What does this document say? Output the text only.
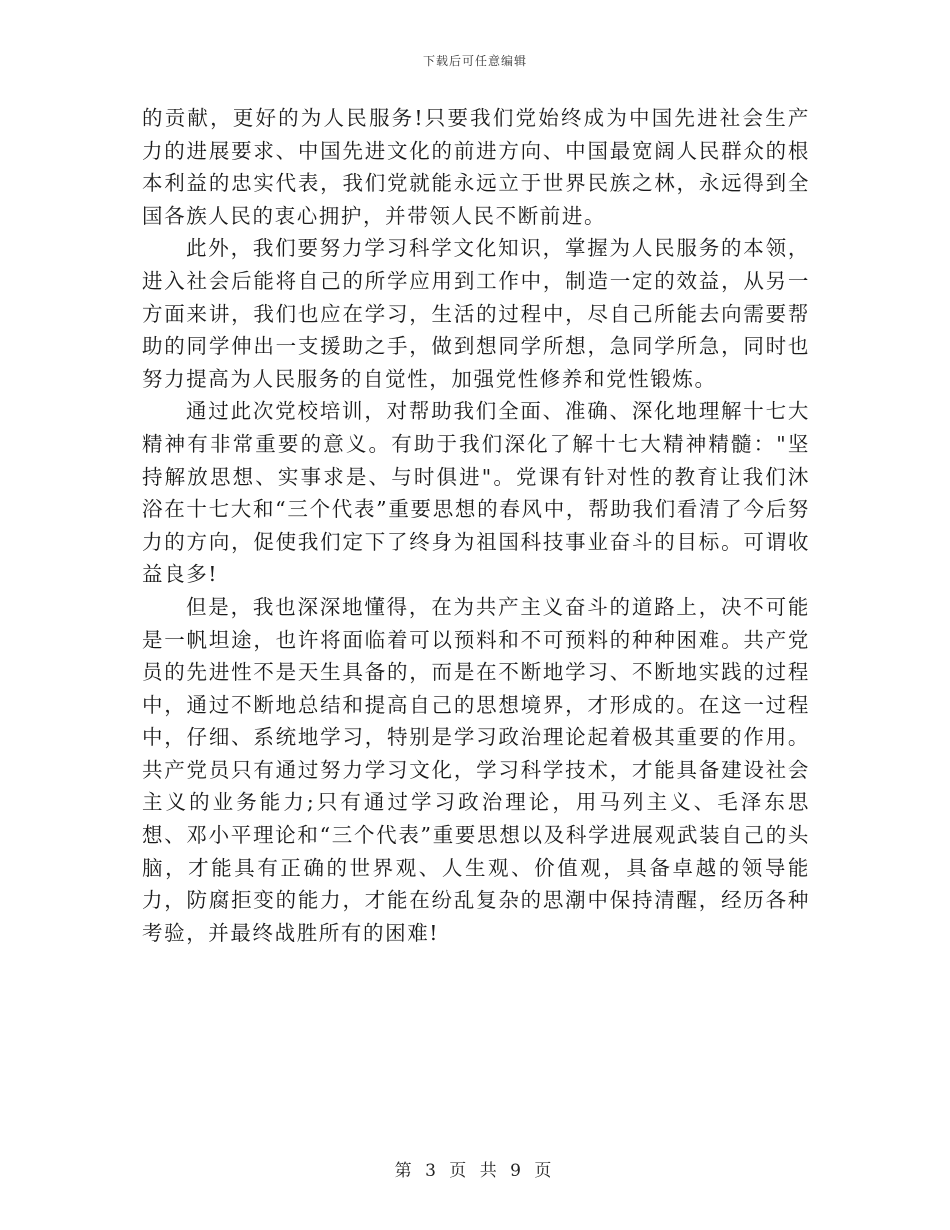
下载后可任意编辑

的贡献，更好的为人民服务!只要我们党始终成为中国先进社会生产力的进展要求、中国先进文化的前进方向、中国最宽阔人民群众的根本利益的忠实代表，我们党就能永远立于世界民族之林，永远得到全国各族人民的衷心拥护，并带领人民不断前进。

此外，我们要努力学习科学文化知识，掌握为人民服务的本领，进入社会后能将自己的所学应用到工作中，制造一定的效益，从另一方面来讲，我们也应在学习，生活的过程中，尽自己所能去向需要帮助的同学伸出一支援助之手，做到想同学所想，急同学所急，同时也努力提高为人民服务的自觉性，加强党性修养和党性锻炼。

通过此次党校培训，对帮助我们全面、准确、深化地理解十七大精神有非常重要的意义。有助于我们深化了解十七大精神精髓："坚持解放思想、实事求是、与时俱进"。党课有针对性的教育让我们沐浴在十七大和“三个代表”重要思想的春风中，帮助我们看清了今后努力的方向，促使我们定下了终身为祖国科技事业奋斗的目标。可谓收益良多!

但是，我也深深地懂得，在为共产主义奋斗的道路上，决不可能是一帆坦途，也许将面临着可以预料和不可预料的种种困难。共产党员的先进性不是天生具备的，而是在不断地学习、不断地实践的过程中，通过不断地总结和提高自己的思想境界，才形成的。在这一过程中，仔细、系统地学习，特别是学习政治理论起着极其重要的作用。共产党员只有通过努力学习文化，学习科学技术，才能具备建设社会主义的业务能力;只有通过学习政治理论，用马列主义、毛泽东思想、邓小平理论和“三个代表”重要思想以及科学进展观武装自己的头脑，才能具有正确的世界观、人生观、价值观，具备卓越的领导能力，防腐拒变的能力，才能在纷乱复杂的思潮中保持清醒，经历各种考验，并最终战胜所有的困难!

第 3 页 共 9 页
